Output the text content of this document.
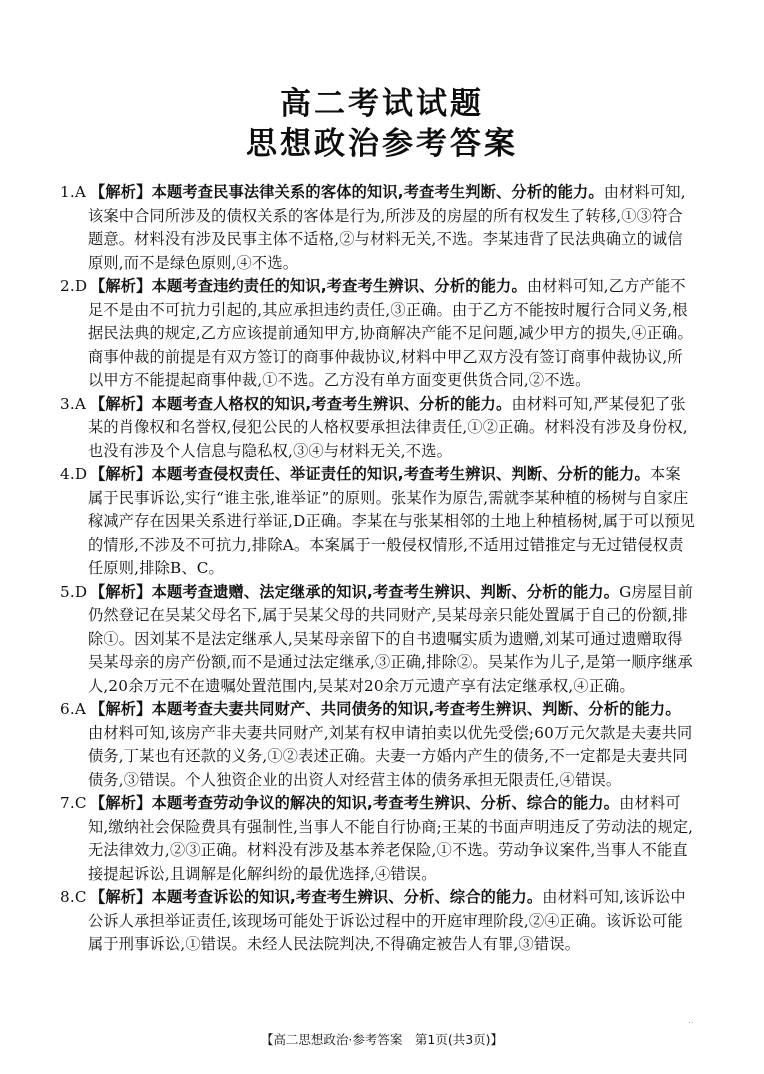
高二考试试题
思想政治参考答案

1.A 【解析】本题考查民事法律关系的客体的知识,考查考生判断、分析的能力。由材料可知,该案中合同所涉及的债权关系的客体是行为,所涉及的房屋的所有权发生了转移,①③符合题意。材料没有涉及民事主体不适格,②与材料无关,不选。李某违背了民法典确立的诚信原则,而不是绿色原则,④不选。

2.D 【解析】本题考查违约责任的知识,考查考生辨识、分析的能力。由材料可知,乙方产能不足不是由不可抗力引起的,其应承担违约责任,③正确。由于乙方不能按时履行合同义务,根据民法典的规定,乙方应该提前通知甲方,协商解决产能不足问题,减少甲方的损失,④正确。商事仲裁的前提是有双方签订的商事仲裁协议,材料中甲乙双方没有签订商事仲裁协议,所以甲方不能提起商事仲裁,①不选。乙方没有单方面变更供货合同,②不选。

3.A 【解析】本题考查人格权的知识,考查考生辨识、分析的能力。由材料可知,严某侵犯了张某的肖像权和名誉权,侵犯公民的人格权要承担法律责任,①②正确。材料没有涉及身份权,也没有涉及个人信息与隐私权,③④与材料无关,不选。

4.D 【解析】本题考查侵权责任、举证责任的知识,考查考生辨识、判断、分析的能力。本案属于民事诉讼,实行“谁主张,谁举证”的原则。张某作为原告,需就李某种植的杨树与自家庄稼减产存在因果关系进行举证,D正确。李某在与张某相邻的土地上种植杨树,属于可以预见的情形,不涉及不可抗力,排除A。本案属于一般侵权情形,不适用过错推定与无过错侵权责任原则,排除B、C。

5.D 【解析】本题考查遗赠、法定继承的知识,考查考生辨识、判断、分析的能力。G房屋目前仍然登记在吴某父母名下,属于吴某父母的共同财产,吴某母亲只能处置属于自己的份额,排除①。因刘某不是法定继承人,吴某母亲留下的自书遗嘱实质为遗赠,刘某可通过遗赠取得吴某母亲的房产份额,而不是通过法定继承,③正确,排除②。吴某作为儿子,是第一顺序继承人,20余万元不在遗嘱处置范围内,吴某对20余万元遗产享有法定继承权,④正确。

6.A 【解析】本题考查夫妻共同财产、共同债务的知识,考查考生辨识、判断、分析的能力。由材料可知,该房产非夫妻共同财产,刘某有权申请拍卖以优先受偿;60万元欠款是夫妻共同债务,丁某也有还款的义务,①②表述正确。夫妻一方婚内产生的债务,不一定都是夫妻共同债务,③错误。个人独资企业的出资人对经营主体的债务承担无限责任,④错误。

7.C 【解析】本题考查劳动争议的解决的知识,考查考生辨识、分析、综合的能力。由材料可知,缴纳社会保险费具有强制性,当事人不能自行协商;王某的书面声明违反了劳动法的规定,无法律效力,②③正确。材料没有涉及基本养老保险,①不选。劳动争议案件,当事人不能直接提起诉讼,且调解是化解纠纷的最优选择,④错误。

8.C 【解析】本题考查诉讼的知识,考查考生辨识、分析、综合的能力。由材料可知,该诉讼中公诉人承担举证责任,该现场可能处于诉讼过程中的开庭审理阶段,②④正确。该诉讼可能属于刑事诉讼,①错误。未经人民法院判决,不得确定被告人有罪,③错误。

【高二思想政治·参考答案　第1页(共3页)】
..
